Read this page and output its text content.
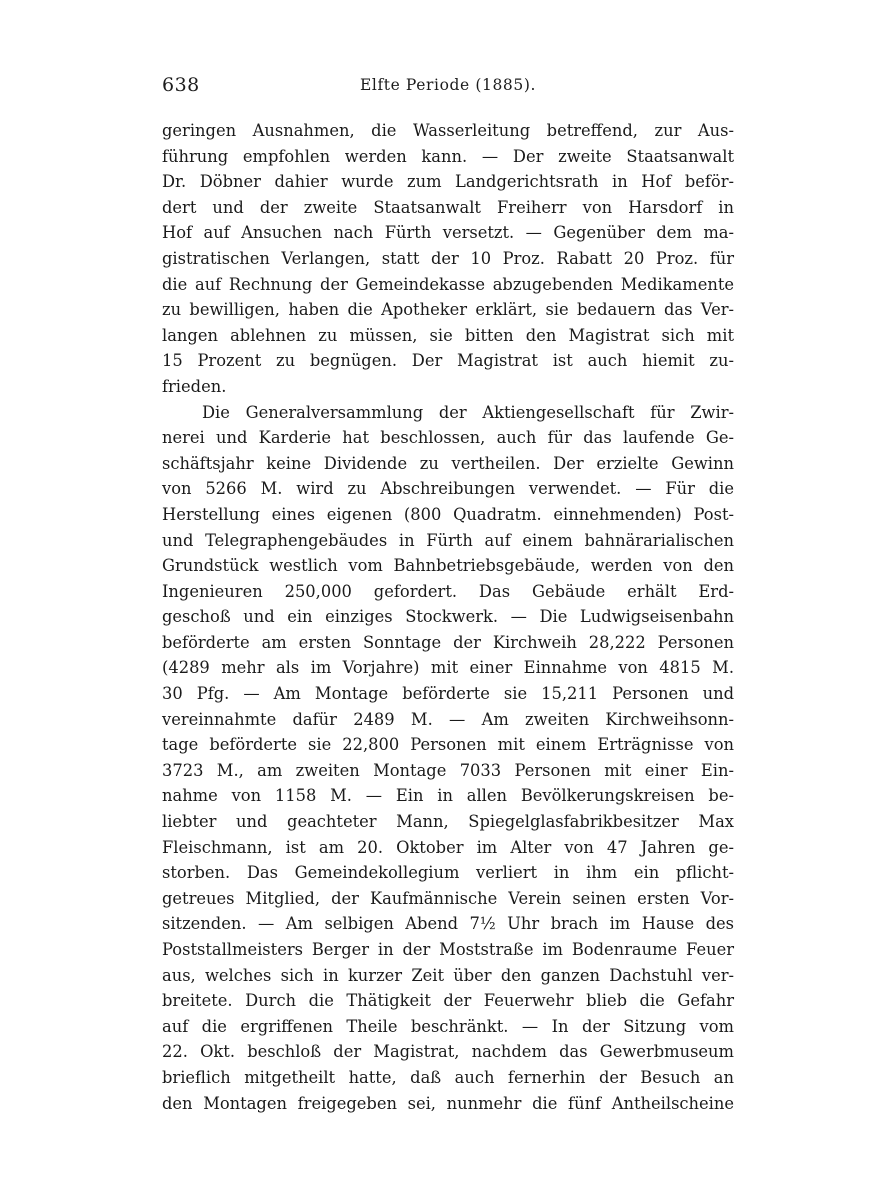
638	Elfte Periode (1885).
geringen Ausnahmen, die Wasserleitung betreffend, zur Aus-
führung empfohlen werden kann. — Der zweite Staatsanwalt
Dr. Döbner dahier wurde zum Landgerichtsrath in Hof beför-
dert und der zweite Staatsanwalt Freiherr von Harsdorf in
Hof auf Ansuchen nach Fürth versetzt. — Gegenüber dem ma-
gistratischen Verlangen, statt der 10 Proz. Rabatt 20 Proz. für
die auf Rechnung der Gemeindekasse abzugebenden Medikamente
zu bewilligen, haben die Apotheker erklärt, sie bedauern das Ver-
langen ablehnen zu müssen, sie bitten den Magistrat sich mit
15 Prozent zu begnügen. Der Magistrat ist auch hiemit zu-
frieden.
Die Generalversammlung der Aktiengesellschaft für Zwir-
nerei und Karderie hat beschlossen, auch für das laufende Ge-
schäftsjahr keine Dividende zu vertheilen. Der erzielte Gewinn
von 5266 M. wird zu Abschreibungen verwendet. — Für die
Herstellung eines eigenen (800 Quadratm. einnehmenden) Post-
und Telegraphengebäudes in Fürth auf einem bahnärarialischen
Grundstück westlich vom Bahnbetriebsgebäude, werden von den
Ingenieuren 250,000 gefordert. Das Gebäude erhält Erd-
geschoß und ein einziges Stockwerk. — Die Ludwigseisenbahn
beförderte am ersten Sonntage der Kirchweih 28,222 Personen
(4289 mehr als im Vorjahre) mit einer Einnahme von 4815 M.
30 Pfg. — Am Montage beförderte sie 15,211 Personen und
vereinnahmte dafür 2489 M. — Am zweiten Kirchweihsonn-
tage beförderte sie 22,800 Personen mit einem Erträgnisse von
3723 M., am zweiten Montage 7033 Personen mit einer Ein-
nahme von 1158 M. — Ein in allen Bevölkerungskreisen be-
liebter und geachteter Mann, Spiegelglasfabrikbesitzer Max
Fleischmann, ist am 20. Oktober im Alter von 47 Jahren ge-
storben. Das Gemeindekollegium verliert in ihm ein pflicht-
getreues Mitglied, der Kaufmännische Verein seinen ersten Vor-
sitzenden. — Am selbigen Abend 7½ Uhr brach im Hause des
Poststallmeisters Berger in der Moststraße im Bodenraume Feuer
aus, welches sich in kurzer Zeit über den ganzen Dachstuhl ver-
breitete. Durch die Thätigkeit der Feuerwehr blieb die Gefahr
auf die ergriffenen Theile beschränkt. — In der Sitzung vom
22. Okt. beschloß der Magistrat, nachdem das Gewerbmuseum
brieflich mitgetheilt hatte, daß auch fernerhin der Besuch an
den Montagen freigegeben sei, nunmehr die fünf Antheilscheine
